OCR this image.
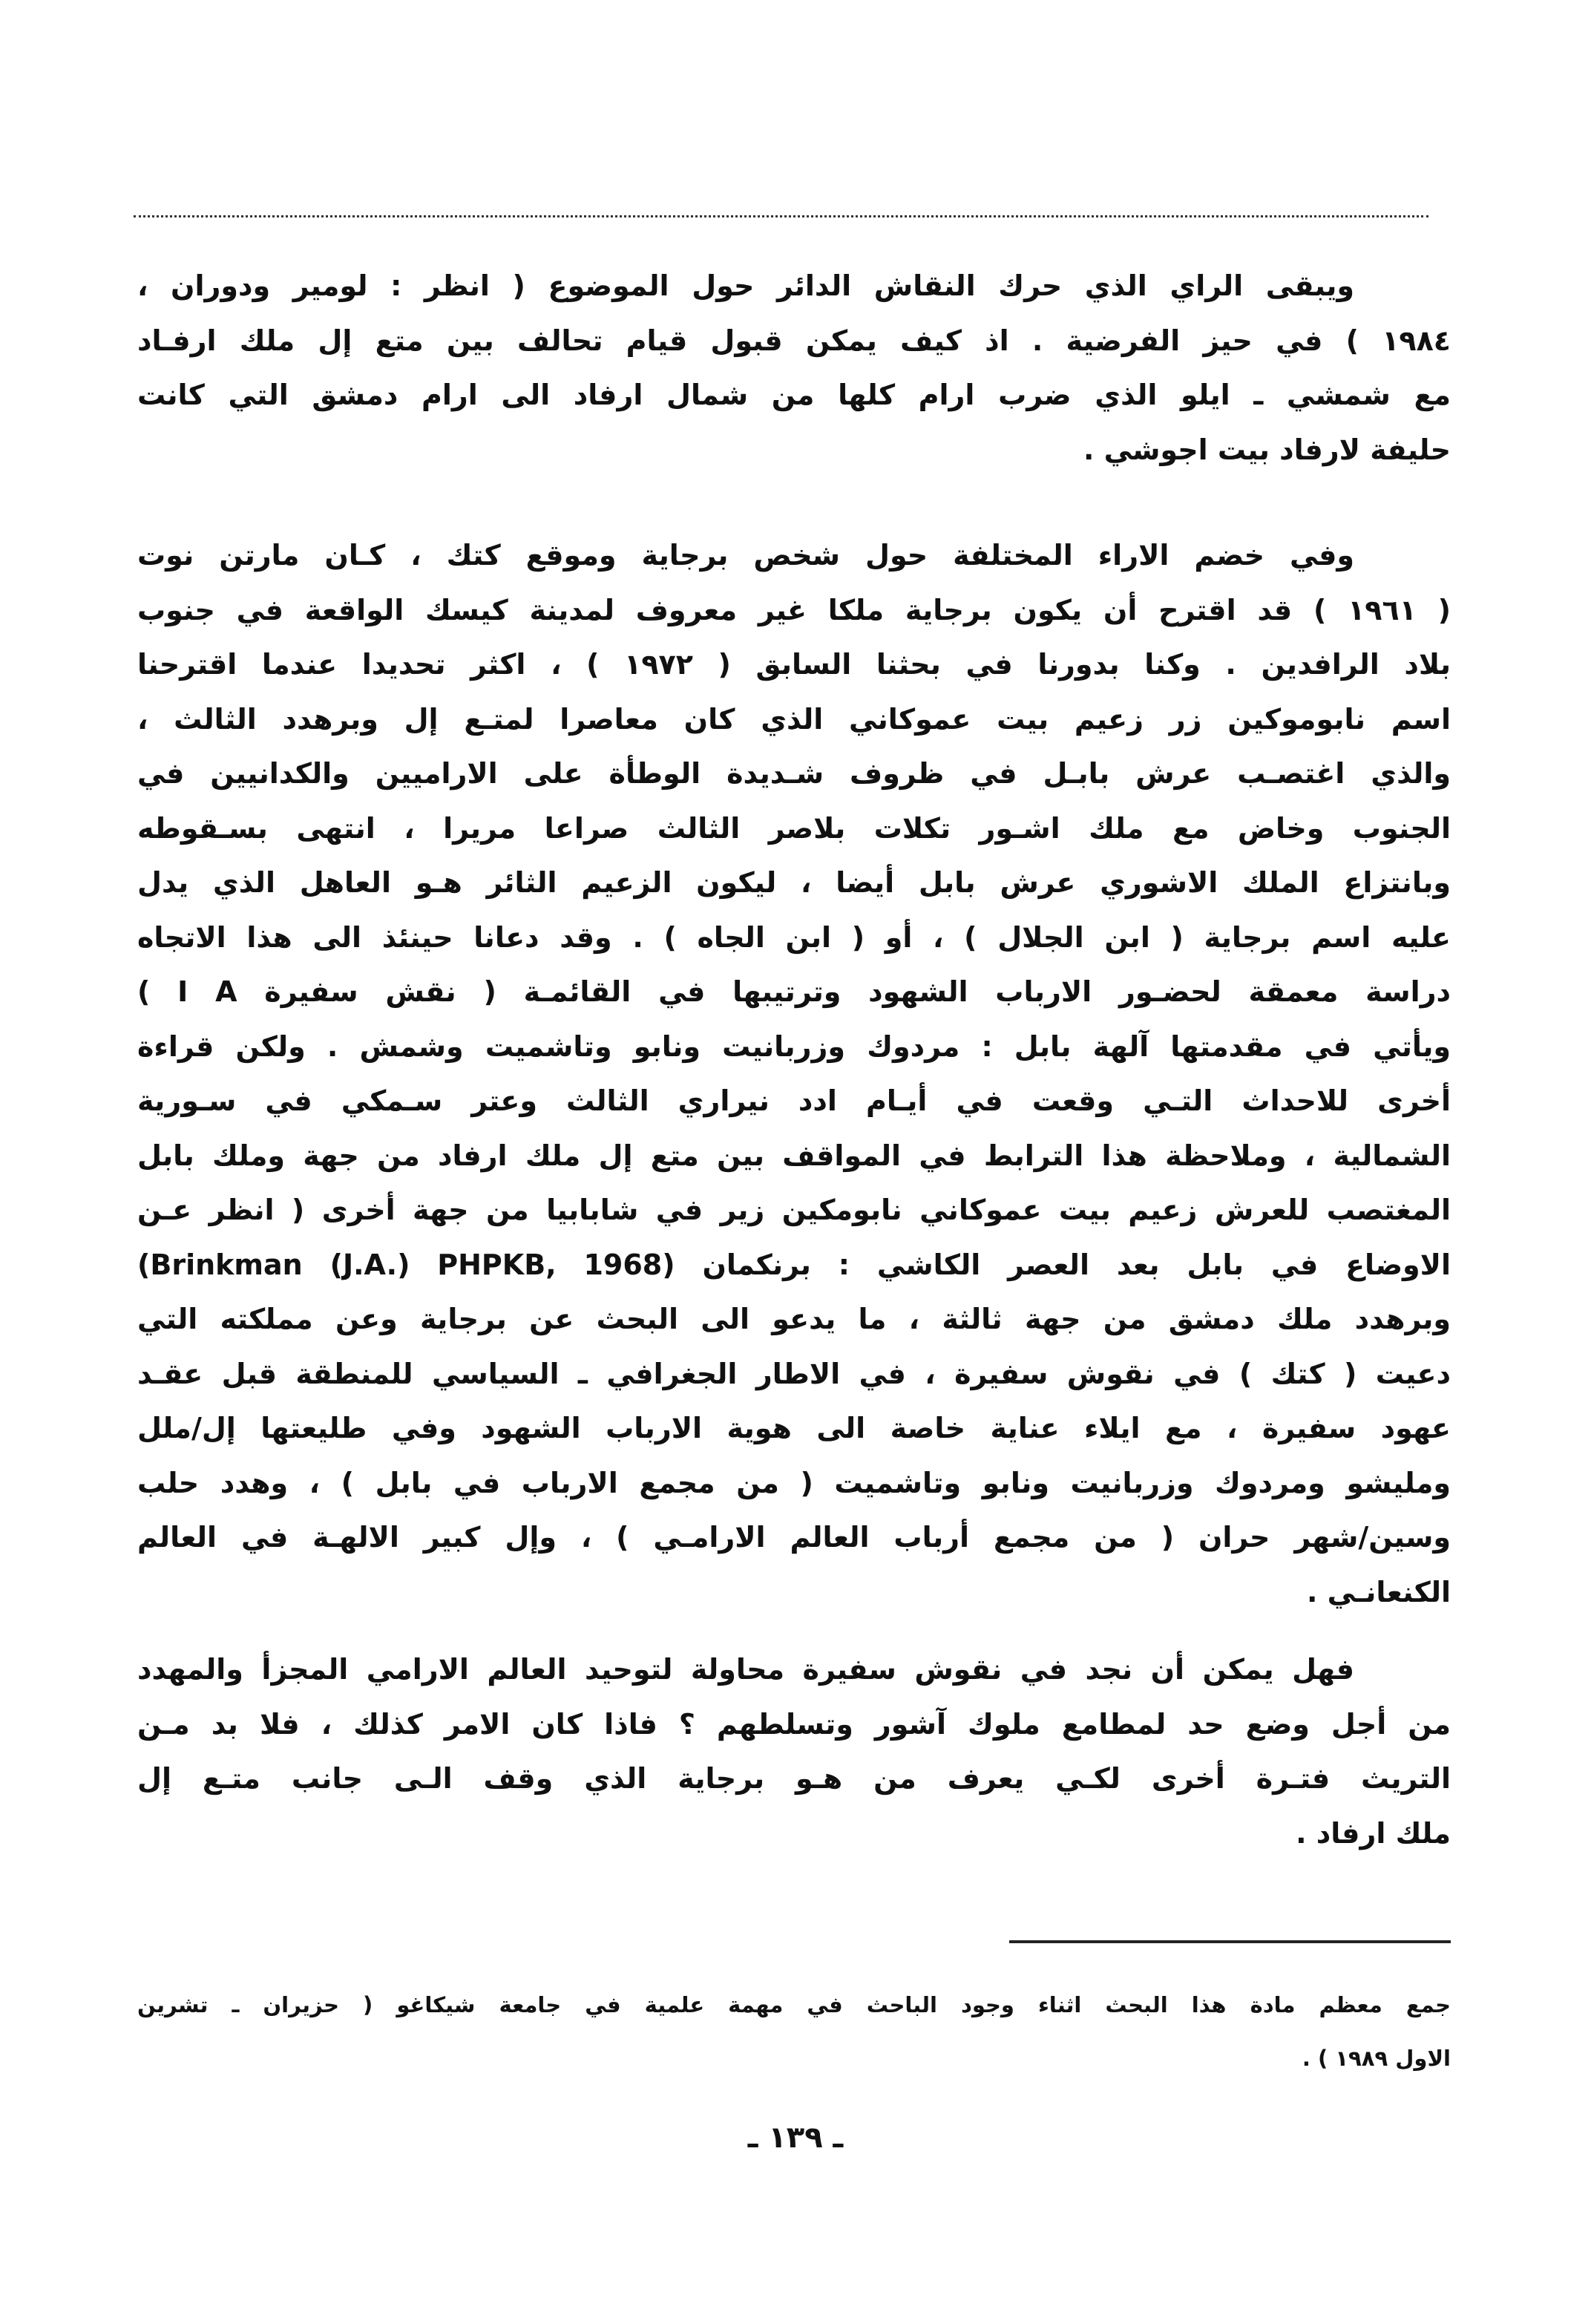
ويبقى الراي الذي حرك النقاش الدائر حول الموضوع ( انظر : لومير ودوران ،
١٩٨٤ ) في حيز الفرضية . اذ كيف يمكن قبول قيام تحالف بين متع إل ملك ارفـاد
مع شمشي ـ ايلو الذي ضرب ارام كلها من شمال ارفاد الى ارام دمشق التي كانت
حليفة لارفاد بيت اجوشي .
وفي خضم الاراء المختلفة حول شخص برجاية وموقع كتك ، كـان مارتن نوت
( ١٩٦١ ) قد اقترح أن يكون برجاية ملكا غير معروف لمدينة كيسك الواقعة في جنوب
بلاد الرافدين . وكنا بدورنا في بحثنا السابق ( ١٩٧٢ ) ، اكثر تحديدا عندما اقترحنا
اسم نابوموكين زر زعيم بيت عموكاني الذي كان معاصرا لمتـع إل وبرهدد الثالث ،
والذي اغتصـب عرش بابـل في ظروف شـديدة الوطأة على الاراميين والكدانيين في
الجنوب وخاض مع ملك اشـور تكلات بلاصر الثالث صراعا مريرا ، انتهى بسـقوطه
وبانتزاع الملك الاشوري عرش بابل أيضا ، ليكون الزعيم الثائر هـو العاهل الذي يدل
عليه اسم برجاية ( ابن الجلال ) ، أو ( ابن الجاه ) . وقد دعانا حينئذ الى هذا الاتجاه
دراسة معمقة لحضـور الارباب الشهود وترتيبها في القائمـة ( نقش سفيرة I A )
ويأتي في مقدمتها آلهة بابل : مردوك وزربانيت ونابو وتاشميت وشمش . ولكن قراءة
أخرى للاحداث التـي وقعت في أيـام ادد نيراري الثالث وعتر سـمكي في سـورية
الشمالية ، وملاحظة هذا الترابط في المواقف بين متع إل ملك ارفاد من جهة وملك بابل
المغتصب للعرش زعيم بيت عموكاني نابومكين زير في شابابيا من جهة أخرى ( انظر عـن
الاوضاع في بابل بعد العصر الكاشي : برنكمان (Brinkman (J.A.) PHPKB, 1968)
وبرهدد ملك دمشق من جهة ثالثة ، ما يدعو الى البحث عن برجاية وعن مملكته التي
دعيت ( كتك ) في نقوش سفيرة ، في الاطار الجغرافي ـ السياسي للمنطقة قبل عقـد
عهود سفيرة ، مع ايلاء عناية خاصة الى هوية الارباب الشهود وفي طليعتها إل/ملل
وملیشو ومردوك وزربانيت ونابو وتاشميت ( من مجمع الارباب في بابل ) ، وهدد حلب
وسين/شهر حران ( من مجمع أرباب العالم الارامـي ) ، وإل كبير الالهـة في العالم
الكنعانـي .
فهل يمكن أن نجد في نقوش سفيرة محاولة لتوحيد العالم الارامي المجزأ والمهدد
من أجل وضع حد لمطامع ملوك آشور وتسلطهم ؟ فاذا كان الامر كذلك ، فلا بد مـن
التريث فتـرة أخرى لكـي يعرف من هـو برجاية الذي وقف الـى جانب متـع إل
ملك ارفاد .
جمع معظم مادة هذا البحث اثناء وجود الباحث في مهمة علمية في جامعة شيكاغو ( حزيران ـ تشرين
الاول ١٩٨٩ ) .
ـ ١٣٩ ـ
